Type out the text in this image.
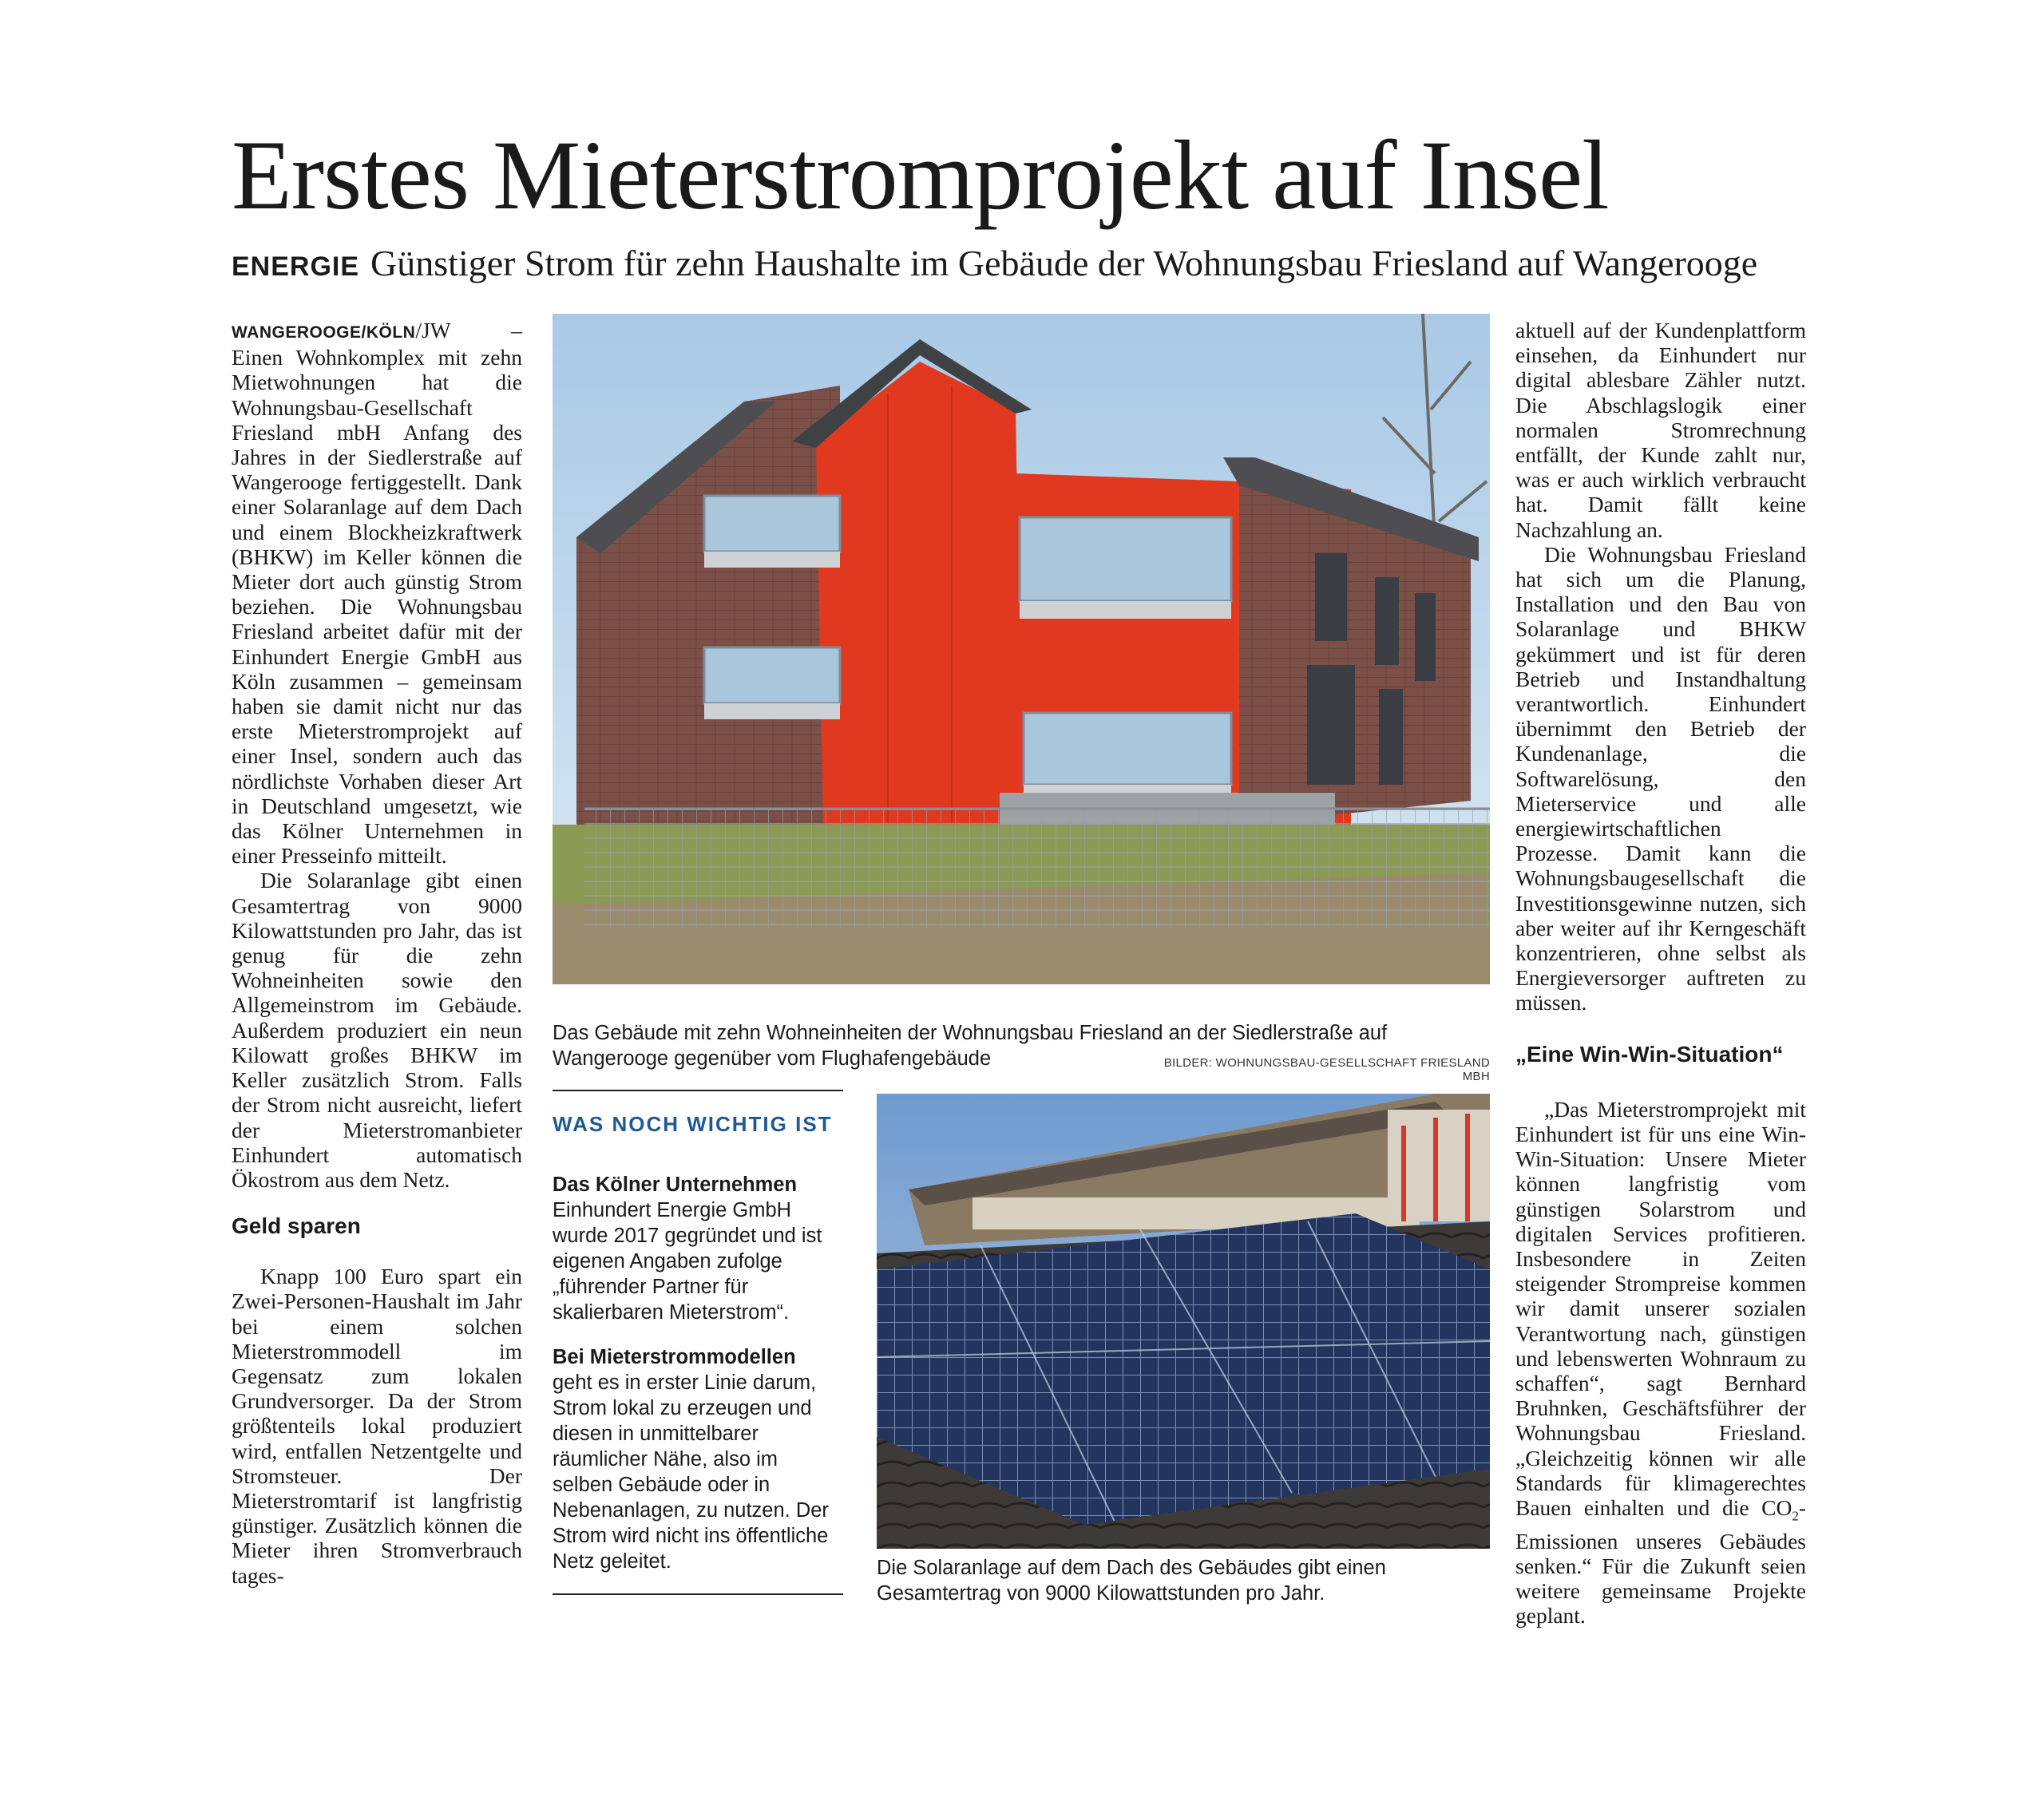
Erstes Mieterstromprojekt auf Insel
ENERGIE Günstiger Strom für zehn Haushalte im Gebäude der Wohnungsbau Friesland auf Wangerooge

WANGEROOGE/KÖLN/JW – Einen Wohnkomplex mit zehn Mietwohnungen hat die Wohnungsbau-Gesellschaft Friesland mbH Anfang des Jahres in der Siedlerstraße auf Wangerooge fertiggestellt. Dank einer Solaranlage auf dem Dach und einem Blockheizkraftwerk (BHKW) im Keller können die Mieter dort auch günstig Strom beziehen. Die Wohnungsbau Friesland arbeitet dafür mit der Einhundert Energie GmbH aus Köln zusammen – gemeinsam haben sie damit nicht nur das erste Mieterstromprojekt auf einer Insel, sondern auch das nördlichste Vorhaben dieser Art in Deutschland umgesetzt, wie das Kölner Unternehmen in einer Presseinfo mitteilt.

Die Solaranlage gibt einen Gesamtertrag von 9000 Kilowattstunden pro Jahr, das ist genug für die zehn Wohneinheiten sowie den Allgemeinstrom im Gebäude. Außerdem produziert ein neun Kilowatt großes BHKW im Keller zusätzlich Strom. Falls der Strom nicht ausreicht, liefert der Mieterstromanbieter Einhundert automatisch Ökostrom aus dem Netz.

Geld sparen

Knapp 100 Euro spart ein Zwei-Personen-Haushalt im Jahr bei einem solchen Mieterstrommodell im Gegensatz zum lokalen Grundversorger. Da der Strom größtenteils lokal produziert wird, entfallen Netzentgelte und Stromsteuer. Der Mieterstromtarif ist langfristig günstiger. Zusätzlich können die Mieter ihren Stromverbrauch tages-

Das Gebäude mit zehn Wohneinheiten der Wohnungsbau Friesland an der Siedlerstraße auf Wangerooge gegenüber vom Flughafengebäude	BILDER: WOHNUNGSBAU-GESELLSCHAFT FRIESLAND MBH
WAS NOCH WICHTIG IST

Das Kölner Unternehmen
Einhundert Energie GmbH wurde 2017 gegründet und ist eigenen Angaben zufolge „führender Partner für skalierbaren Mieterstrom“.

Bei Mieterstrommodellen
geht es in erster Linie darum, Strom lokal zu erzeugen und diesen in unmittelbarer räumlicher Nähe, also im selben Gebäude oder in Nebenanlagen, zu nutzen. Der Strom wird nicht ins öffentliche Netz geleitet.	Die Solaranlage auf dem Dach des Gebäudes gibt einen Gesamtertrag von 9000 Kilowattstunden pro Jahr.

aktuell auf der Kundenplattform einsehen, da Einhundert nur digital ablesbare Zähler nutzt. Die Abschlagslogik einer normalen Stromrechnung entfällt, der Kunde zahlt nur, was er auch wirklich verbraucht hat. Damit fällt keine Nachzahlung an.

Die Wohnungsbau Friesland hat sich um die Planung, Installation und den Bau von Solaranlage und BHKW gekümmert und ist für deren Betrieb und Instandhaltung verantwortlich. Einhundert übernimmt den Betrieb der Kundenanlage, die Softwarelösung, den Mieterservice und alle energiewirtschaftlichen Prozesse. Damit kann die Wohnungsbaugesellschaft die Investitionsgewinne nutzen, sich aber weiter auf ihr Kerngeschäft konzentrieren, ohne selbst als Energieversorger auftreten zu müssen.

„Eine Win-Win-Situation“

„Das Mieterstromprojekt mit Einhundert ist für uns eine Win-Win-Situation: Unsere Mieter können langfristig vom günstigen Solarstrom und digitalen Services profitieren. Insbesondere in Zeiten steigender Strompreise kommen wir damit unserer sozialen Verantwortung nach, günstigen und lebenswerten Wohnraum zu schaffen“, sagt Bernhard Bruhnken, Geschäftsführer der Wohnungsbau Friesland. „Gleichzeitig können wir alle Standards für klimagerechtes Bauen einhalten und die $CO_2$-Emissionen unseres Gebäudes senken.“ Für die Zukunft seien weitere gemeinsame Projekte geplant.
